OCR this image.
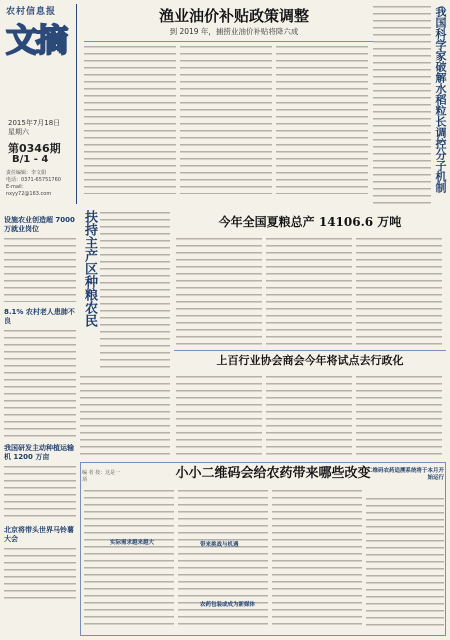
农村信息报
文摘
2015年7月18日
星期六
第0346期
B/1 - 4
责任编辑：李文娟
电话：0371-65751760
E-mail：nxyy72@163.com
渔业油价补贴政策调整
到 2019 年，捕捞业油价补贴将降六成	我国科学家破解水稻粒长调控分子机制
设施农业创造超 7000 万就业岗位
8.1% 农村老人患肺不良
我国研发主动种植运输机 1200 万亩
北京将带头世界马铃薯大会
扶持主产区种粮农民
今年全国夏粮总产 14106.6 万吨
上百行业协会商会今年将试点去行政化
小小二维码会给农药带来哪些改变
编 者 按：这是一项
实际需求越来越大	带来挑战与机遇
农药包装或成为新媒体
二维码农药追溯系统将于本月开始运行
